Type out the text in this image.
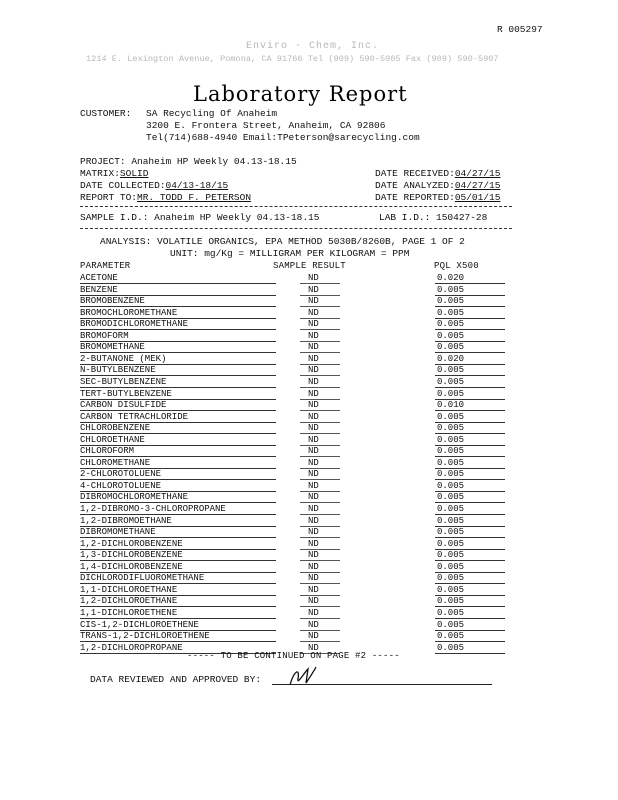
R 005297
Enviro - Chem, Inc.
1214 E. Lexington Avenue, Pomona, CA 91766 Tel (909) 590-5905 Fax (909) 590-5907
Laboratory Report
CUSTOMER: SA Recycling Of Anaheim
3200 E. Frontera Street, Anaheim, CA 92806
Tel(714)688-4940 Email:TPeterson@sarecycling.com
PROJECT: Anaheim HP Weekly 04.13-18.15
MATRIX:SOLID
DATE COLLECTED:04/13-18/15
REPORT TO:MR. TODD F. PETERSON
DATE RECEIVED:04/27/15
DATE ANALYZED:04/27/15
DATE REPORTED:05/01/15
SAMPLE I.D.: Anaheim HP Weekly 04.13-18.15	LAB I.D.: 150427-28
ANALYSIS: VOLATILE ORGANICS, EPA METHOD 5030B/8260B, PAGE 1 OF 2
UNIT: mg/Kg = MILLIGRAM PER KILOGRAM = PPM
PARAMETER	SAMPLE RESULT	PQL X500
ACETONE	ND	0.020
BENZENE	ND	0.005
BROMOBENZENE	ND	0.005
BROMOCHLOROMETHANE	ND	0.005
BROMODICHLOROMETHANE	ND	0.005
BROMOFORM	ND	0.005
BROMOMETHANE	ND	0.005
2-BUTANONE (MEK)	ND	0.020
N-BUTYLBENZENE	ND	0.005
SEC-BUTYLBENZENE	ND	0.005
TERT-BUTYLBENZENE	ND	0.005
CARBON DISULFIDE	ND	0.010
CARBON TETRACHLORIDE	ND	0.005
CHLOROBENZENE	ND	0.005
CHLOROETHANE	ND	0.005
CHLOROFORM	ND	0.005
CHLOROMETHANE	ND	0.005
2-CHLOROTOLUENE	ND	0.005
4-CHLOROTOLUENE	ND	0.005
DIBROMOCHLOROMETHANE	ND	0.005
1,2-DIBROMO-3-CHLOROPROPANE	ND	0.005
1,2-DIBROMOETHANE	ND	0.005
DIBROMOMETHANE	ND	0.005
1,2-DICHLOROBENZENE	ND	0.005
1,3-DICHLOROBENZENE	ND	0.005
1,4-DICHLOROBENZENE	ND	0.005
DICHLORODIFLUOROMETHANE	ND	0.005
1,1-DICHLOROETHANE	ND	0.005
1,2-DICHLOROETHANE	ND	0.005
1,1-DICHLOROETHENE	ND	0.005
CIS-1,2-DICHLOROETHENE	ND	0.005
TRANS-1,2-DICHLOROETHENE	ND	0.005
1,2-DICHLOROPROPANE	ND	0.005
----- TO BE CONTINUED ON PAGE #2 -----
DATA REVIEWED AND APPROVED BY:
